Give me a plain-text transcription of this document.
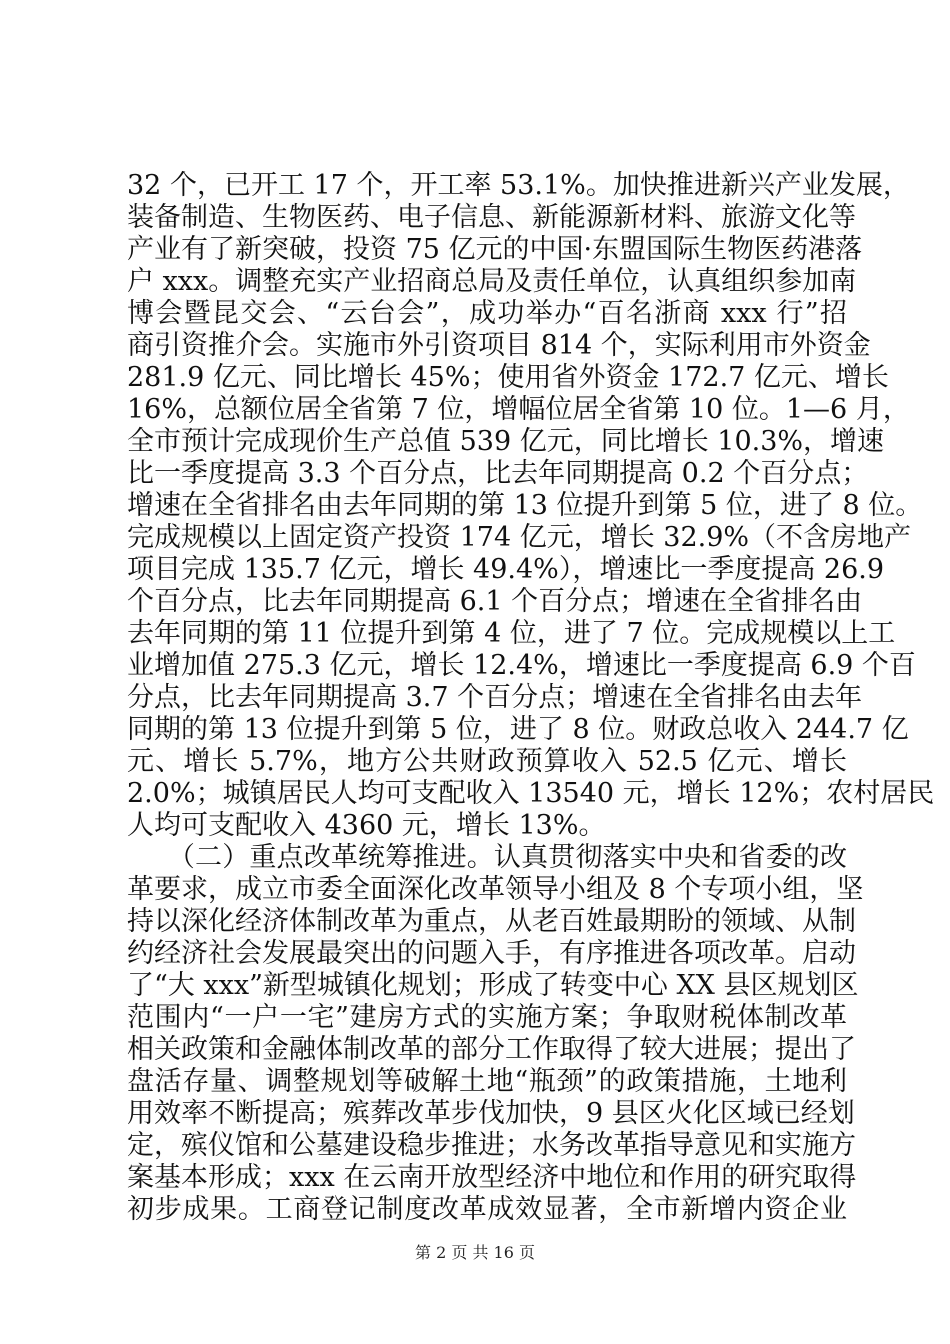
32 个，已开工 17 个，开工率 53.1%。加快推进新兴产业发展，
装备制造、生物医药、电子信息、新能源新材料、旅游文化等
产业有了新突破，投资 75 亿元的中国·东盟国际生物医药港落
户 xxx。调整充实产业招商总局及责任单位，认真组织参加南
博会暨昆交会、“云台会”，成功举办“百名浙商 xxx 行”招
商引资推介会。实施市外引资项目 814 个，实际利用市外资金
281.9 亿元、同比增长 45%；使用省外资金 172.7 亿元、增长
16%，总额位居全省第 7 位，增幅位居全省第 10 位。1—6 月，
全市预计完成现价生产总值 539 亿元，同比增长 10.3%，增速
比一季度提高 3.3 个百分点，比去年同期提高 0.2 个百分点；
增速在全省排名由去年同期的第 13 位提升到第 5 位，进了 8 位。
完成规模以上固定资产投资 174 亿元，增长 32.9%（不含房地产
项目完成 135.7 亿元，增长 49.4%），增速比一季度提高 26.9
个百分点，比去年同期提高 6.1 个百分点；增速在全省排名由
去年同期的第 11 位提升到第 4 位，进了 7 位。完成规模以上工
业增加值 275.3 亿元，增长 12.4%，增速比一季度提高 6.9 个百
分点，比去年同期提高 3.7 个百分点；增速在全省排名由去年
同期的第 13 位提升到第 5 位，进了 8 位。财政总收入 244.7 亿
元、增长 5.7%，地方公共财政预算收入 52.5 亿元、增长
2.0%；城镇居民人均可支配收入 13540 元，增长 12%；农村居民
人均可支配收入 4360 元，增长 13%。
　　（二）重点改革统筹推进。认真贯彻落实中央和省委的改
革要求，成立市委全面深化改革领导小组及 8 个专项小组，坚
持以深化经济体制改革为重点，从老百姓最期盼的领域、从制
约经济社会发展最突出的问题入手，有序推进各项改革。启动
了“大 xxx”新型城镇化规划；形成了转变中心 XX 县区规划区
范围内“一户一宅”建房方式的实施方案；争取财税体制改革
相关政策和金融体制改革的部分工作取得了较大进展；提出了
盘活存量、调整规划等破解土地“瓶颈”的政策措施，土地利
用效率不断提高；殡葬改革步伐加快，9 县区火化区域已经划
定，殡仪馆和公墓建设稳步推进；水务改革指导意见和实施方
案基本形成；xxx 在云南开放型经济中地位和作用的研究取得
初步成果。工商登记制度改革成效显著，全市新增内资企业
第 2 页 共 16 页
